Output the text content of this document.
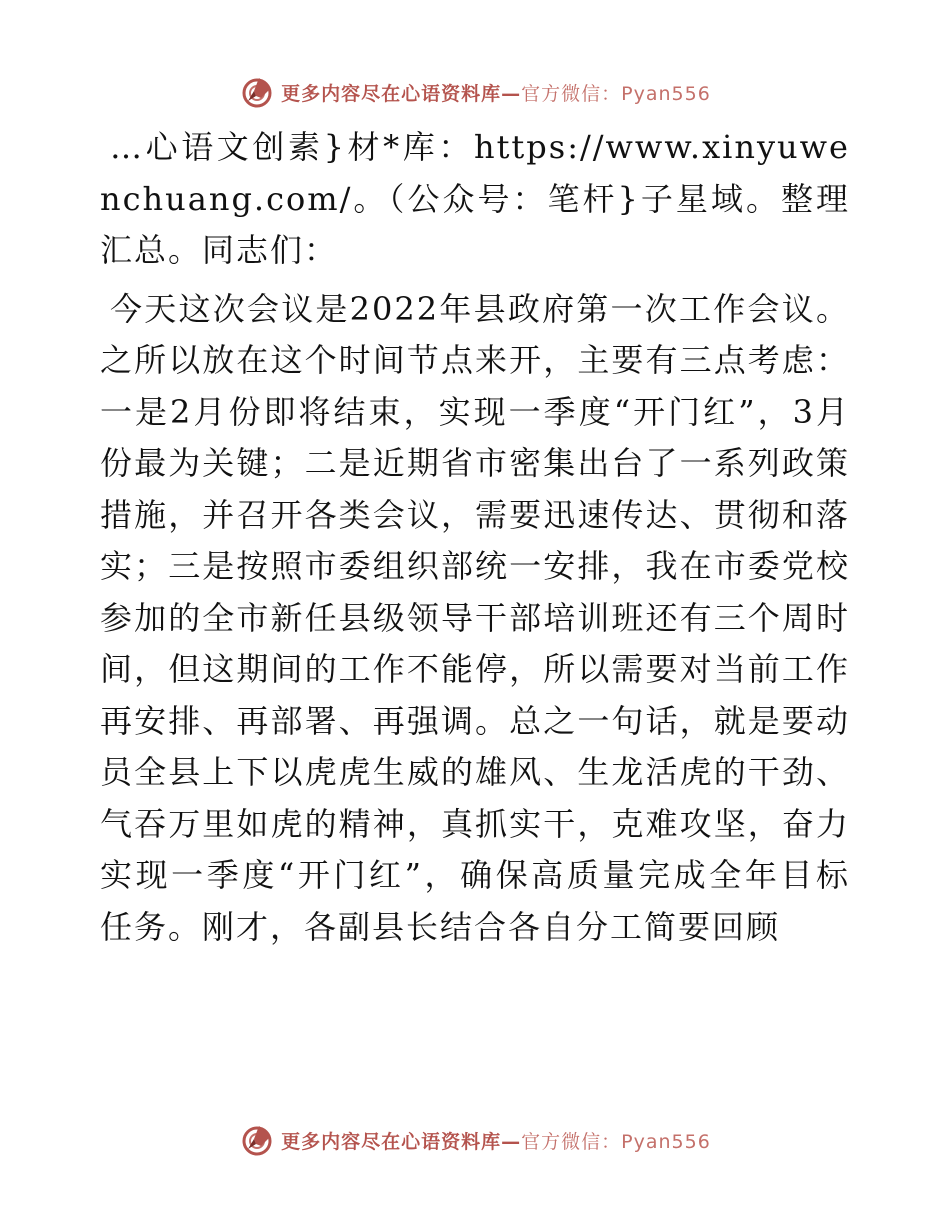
更多内容尽在心语资料库—官方微信：Pyan556

…心语文创素}材*库：https://www.xinyuwenchuang.com/。（公众号：笔杆}子星域。整理汇总。同志们：

今天这次会议是2022年县政府第一次工作会议。之所以放在这个时间节点来开，主要有三点考虑：一是2月份即将结束，实现一季度“开门红”，3月份最为关键；二是近期省市密集出台了一系列政策措施，并召开各类会议，需要迅速传达、贯彻和落实；三是按照市委组织部统一安排，我在市委党校参加的全市新任县级领导干部培训班还有三个周时间，但这期间的工作不能停，所以需要对当前工作再安排、再部署、再强调。总之一句话，就是要动员全县上下以虎虎生威的雄风、生龙活虎的干劲、气吞万里如虎的精神，真抓实干，克难攻坚，奋力实现一季度“开门红”，确保高质量完成全年目标任务。刚才，各副县长结合各自分工简要回顾

更多内容尽在心语资料库—官方微信：Pyan556
